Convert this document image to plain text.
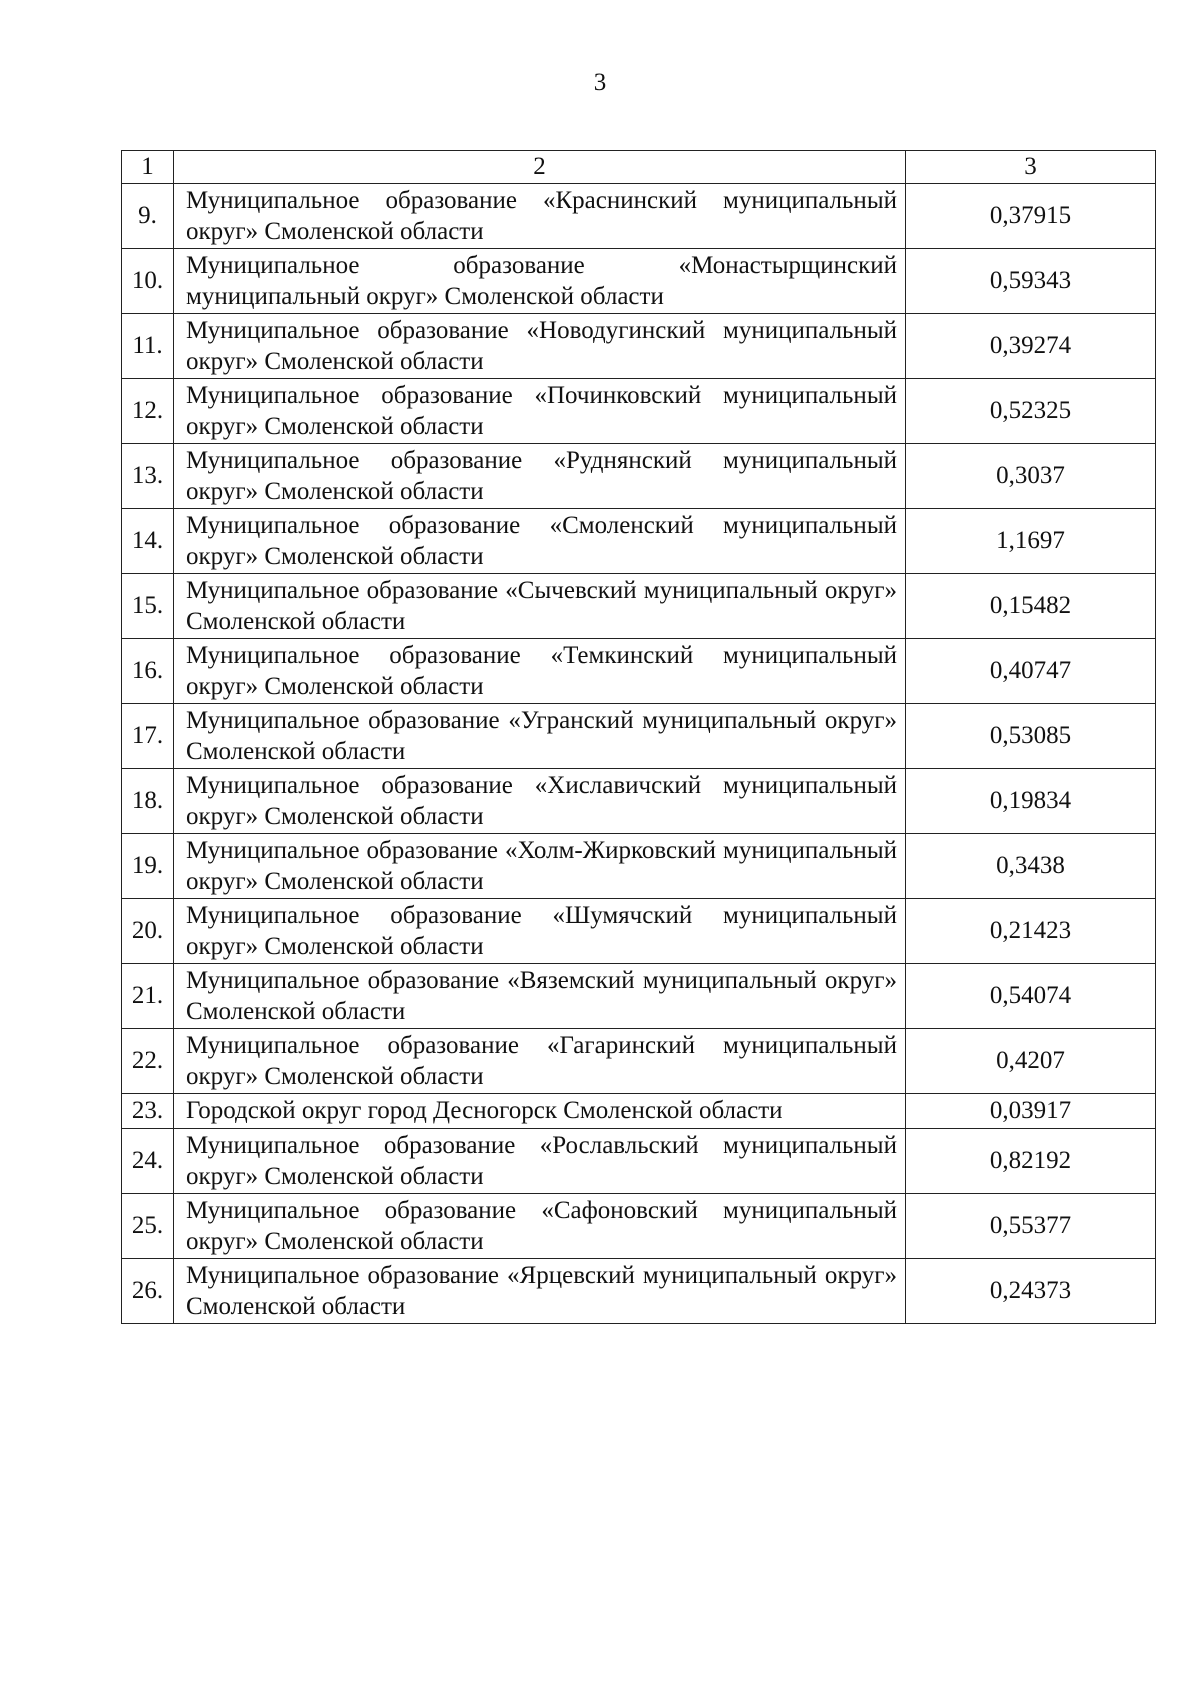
3
1	2	3
9.	Муниципальное образование «Краснинский муниципальный округ» Смоленской области	0,37915
10.	Муниципальное образование «Монастырщинский муниципальный округ» Смоленской области	0,59343
11.	Муниципальное образование «Новодугинский муниципальный округ» Смоленской области	0,39274
12.	Муниципальное образование «Починковский муниципальный округ» Смоленской области	0,52325
13.	Муниципальное образование «Руднянский муниципальный округ» Смоленской области	0,3037
14.	Муниципальное образование «Смоленский муниципальный округ» Смоленской области	1,1697
15.	Муниципальное образование «Сычевский муниципальный округ» Смоленской области	0,15482
16.	Муниципальное образование «Темкинский муниципальный округ» Смоленской области	0,40747
17.	Муниципальное образование «Угранский муниципальный округ» Смоленской области	0,53085
18.	Муниципальное образование «Хиславичский муниципальный округ» Смоленской области	0,19834
19.	Муниципальное образование «Холм-Жирковский муниципальный округ» Смоленской области	0,3438
20.	Муниципальное образование «Шумячский муниципальный округ» Смоленской области	0,21423
21.	Муниципальное образование «Вяземский муниципальный округ» Смоленской области	0,54074
22.	Муниципальное образование «Гагаринский муниципальный округ» Смоленской области	0,4207
23.	Городской округ город Десногорск Смоленской области	0,03917
24.	Муниципальное образование «Рославльский муниципальный округ» Смоленской области	0,82192
25.	Муниципальное образование «Сафоновский муниципальный округ» Смоленской области	0,55377
26.	Муниципальное образование «Ярцевский муниципальный округ» Смоленской области	0,24373
